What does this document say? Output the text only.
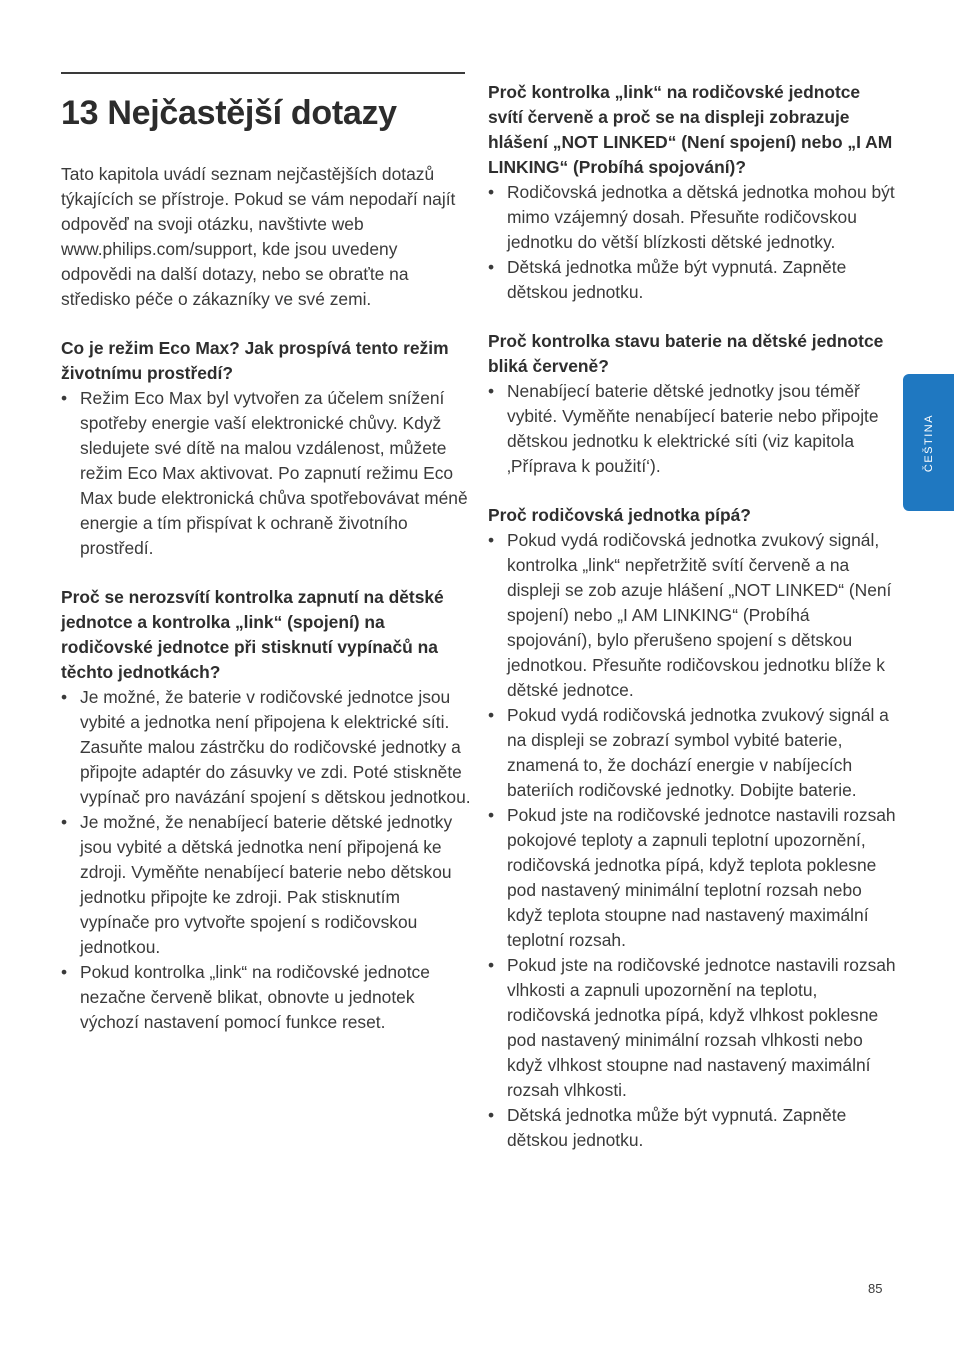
13 Nejčastější dotazy

Tato kapitola uvádí seznam nejčastějších dotazů týkajících se přístroje. Pokud se vám nepodaří najít odpověď na svoji otázku, navštivte web www.philips.com/support, kde jsou uvedeny odpovědi na další dotazy, nebo se obraťte na středisko péče o zákazníky ve své zemi.

Co je režim Eco Max? Jak prospívá tento režim životnímu prostředí?

• Režim Eco Max byl vytvořen za účelem snížení spotřeby energie vaší elektronické chůvy. Když sledujete své dítě na malou vzdálenost, můžete režim Eco Max aktivovat. Po zapnutí režimu Eco Max bude elektronická chůva spotřebovávat méně energie a tím přispívat k ochraně životního prostředí.

Proč se nerozsvítí kontrolka zapnutí na dětské jednotce a kontrolka „link“ (spojení) na rodičovské jednotce při stisknutí vypínačů na těchto jednotkách?

• Je možné, že baterie v rodičovské jednotce jsou vybité a jednotka není připojena k elektrické síti. Zasuňte malou zástrčku do rodičovské jednotky a připojte adaptér do zásuvky ve zdi. Poté stiskněte vypínač pro navázání spojení s dětskou jednotkou.
• Je možné, že nenabíjecí baterie dětské jednotky jsou vybité a dětská jednotka není připojená ke zdroji. Vyměňte nenabíjecí baterie nebo dětskou jednotku připojte ke zdroji. Pak stisknutím vypínače pro vytvořte spojení s rodičovskou jednotkou.
• Pokud kontrolka „link“ na rodičovské jednotce nezačne červeně blikat, obnovte u jednotek výchozí nastavení pomocí funkce reset.

Proč kontrolka „link“ na rodičovské jednotce svítí červeně a proč se na displeji zobrazuje hlášení „NOT LINKED“ (Není spojení) nebo „I AM LINKING“ (Probíhá spojování)?

• Rodičovská jednotka a dětská jednotka mohou být mimo vzájemný dosah. Přesuňte rodičovskou jednotku do větší blízkosti dětské jednotky.
• Dětská jednotka může být vypnutá. Zapněte dětskou jednotku.

Proč kontrolka stavu baterie na dětské jednotce bliká červeně?

• Nenabíjecí baterie dětské jednotky jsou téměř vybité. Vyměňte nenabíjecí baterie nebo připojte dětskou jednotku k elektrické síti (viz kapitola ‚Příprava k použití‘).

Proč rodičovská jednotka pípá?

• Pokud vydá rodičovská jednotka zvukový signál, kontrolka „link“ nepřetržitě svítí červeně a na displeji se zob azuje hlášení „NOT LINKED“ (Není spojení) nebo „I AM LINKING“ (Probíhá spojování), bylo přerušeno spojení s dětskou jednotkou. Přesuňte rodičovskou jednotku blíže k dětské jednotce.
• Pokud vydá rodičovská jednotka zvukový signál a na displeji se zobrazí symbol vybité baterie, znamená to, že dochází energie v nabíjecích bateriích rodičovské jednotky. Dobijte baterie.
• Pokud jste na rodičovské jednotce nastavili rozsah pokojové teploty a zapnuli teplotní upozornění, rodičovská jednotka pípá, když teplota poklesne pod nastavený minimální teplotní rozsah nebo když teplota stoupne nad nastavený maximální teplotní rozsah.
• Pokud jste na rodičovské jednotce nastavili rozsah vlhkosti a zapnuli upozornění na teplotu, rodičovská jednotka pípá, když vlhkost poklesne pod nastavený minimální rozsah vlhkosti nebo když vlhkost stoupne nad nastavený maximální rozsah vlhkosti.
• Dětská jednotka může být vypnutá. Zapněte dětskou jednotku.
ČEŠTINA
85
